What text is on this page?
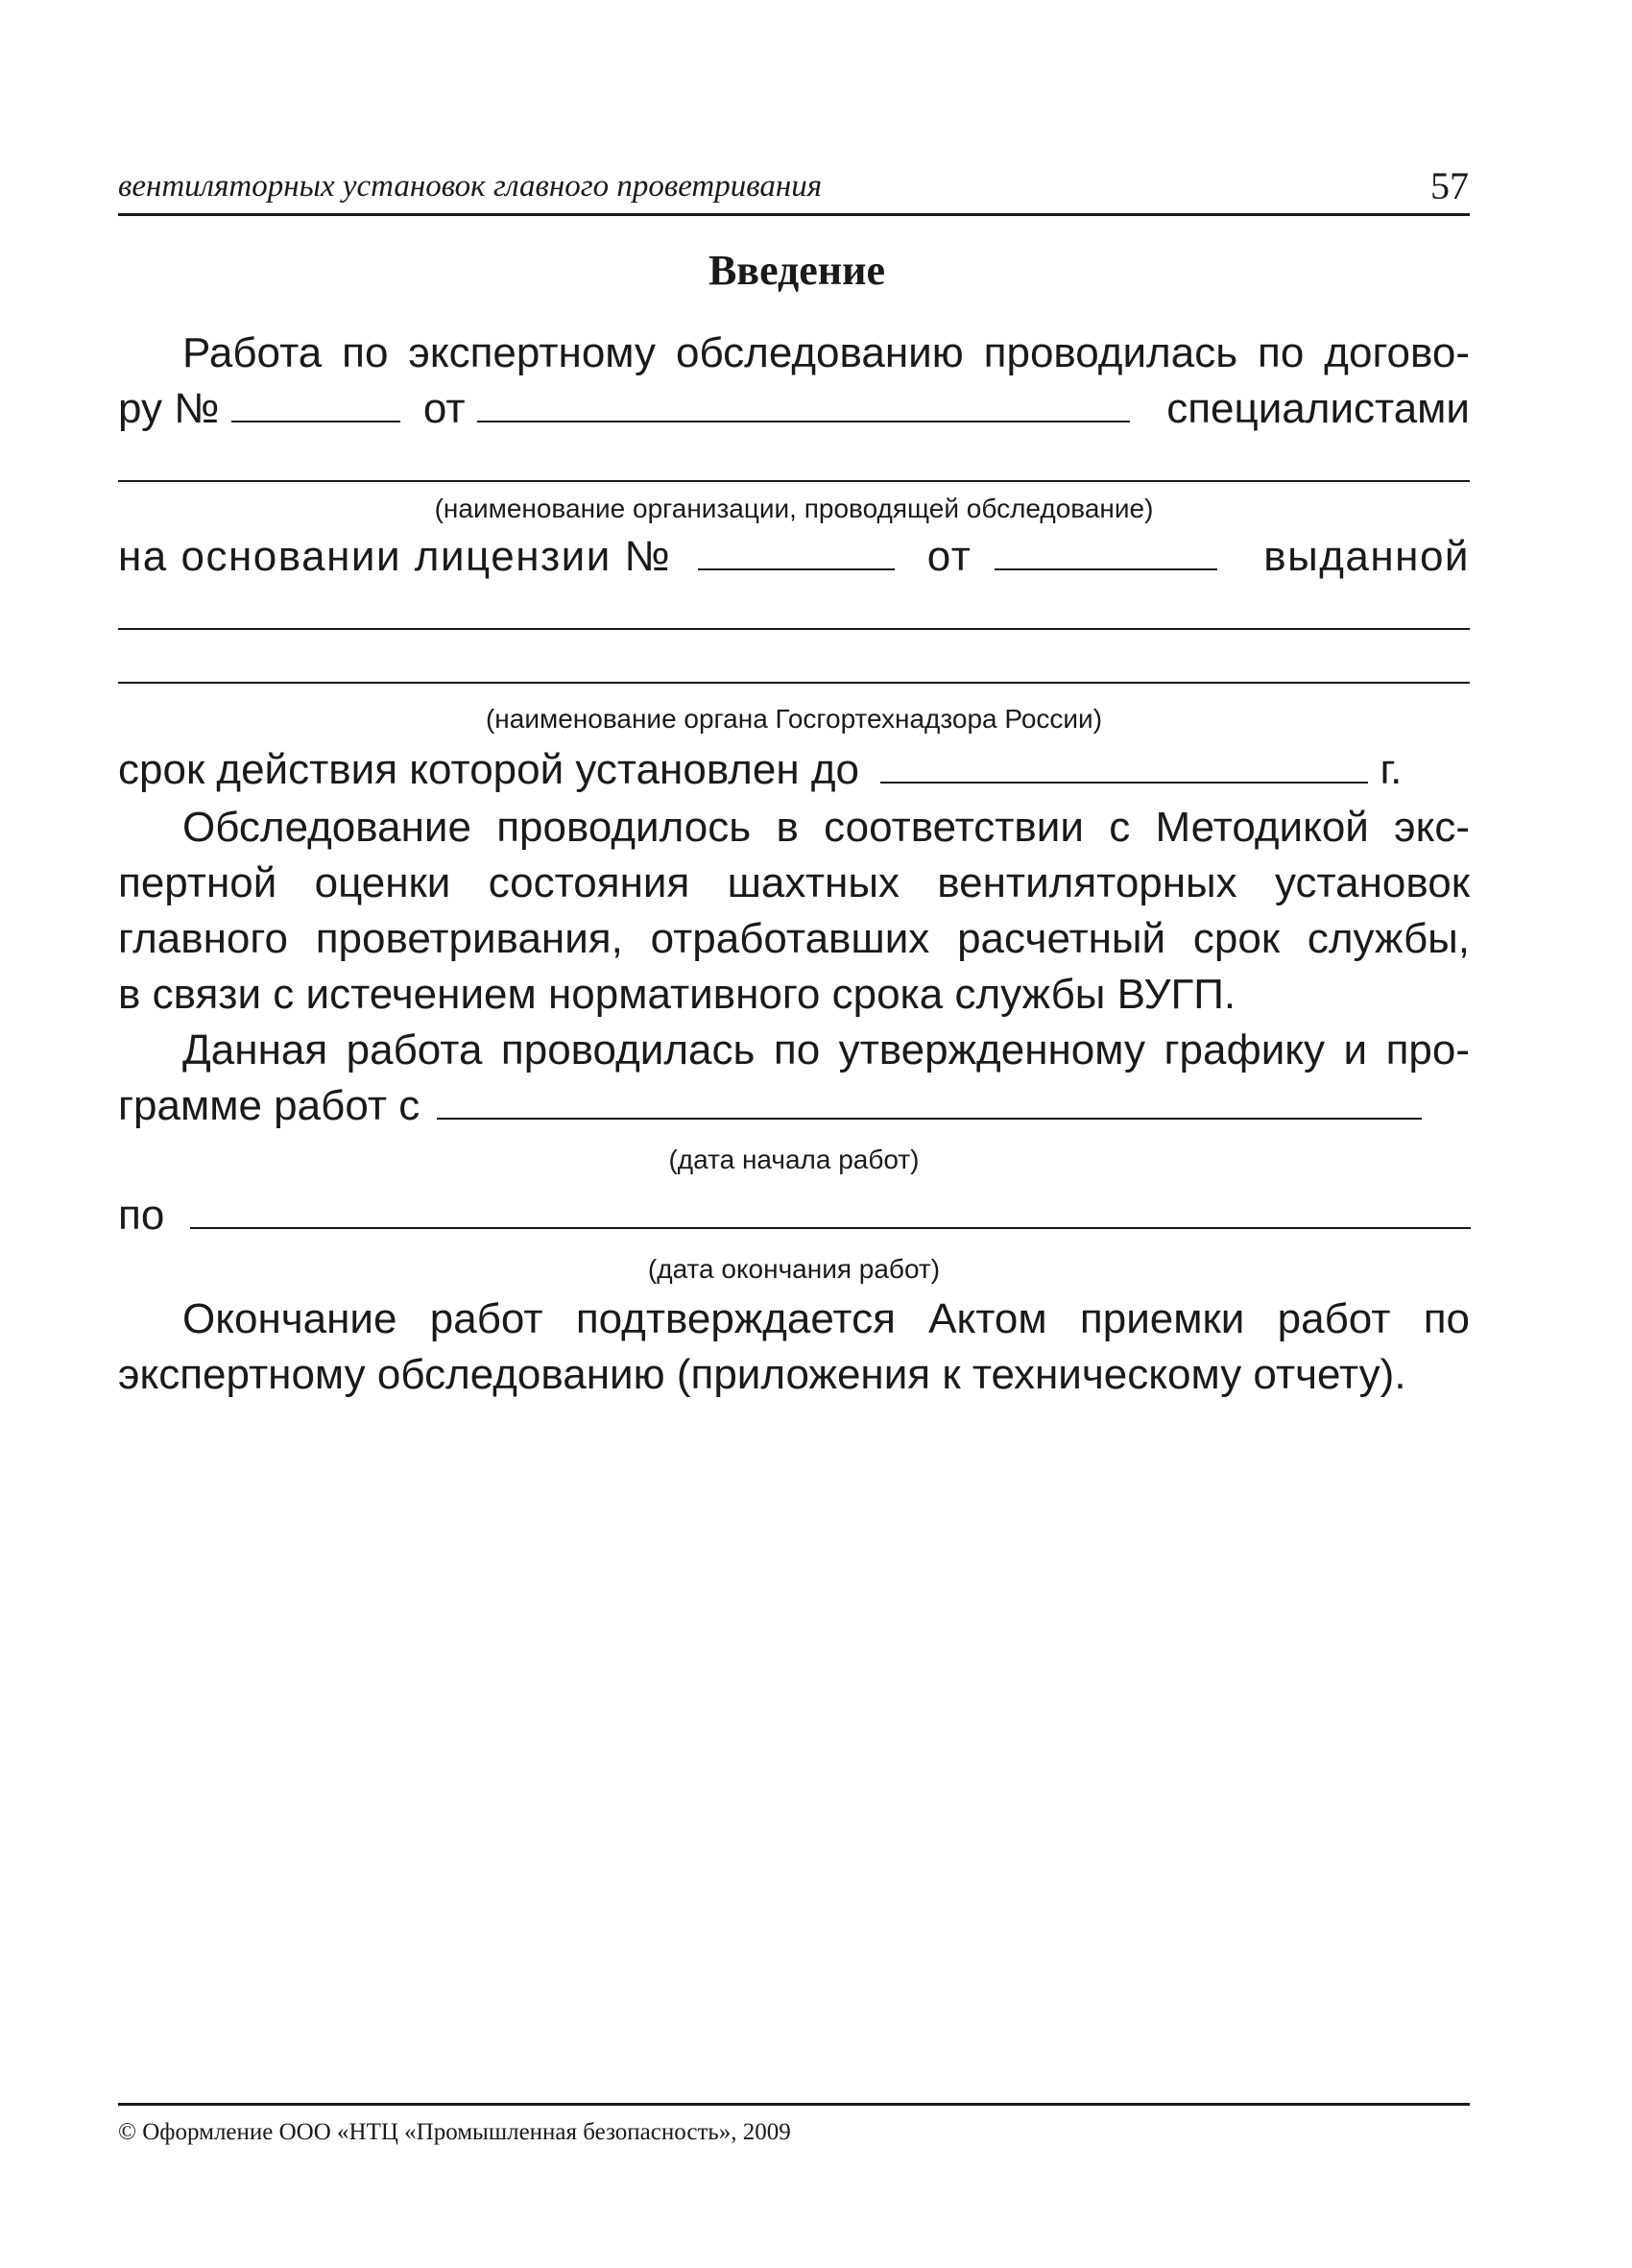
вентиляторных установок главного проветривания	57
Введение
Работа по экспертному обследованию проводилась по догово-
ру №	от	специалистами
(наименование организации, проводящей обследование)
на основании лицензии №	от	выданной
(наименование органа Госгортехнадзора России)
срок действия которой установлен до	г.
Обследование проводилось в соответствии с Методикой экс-
пертной оценки состояния шахтных вентиляторных установок
главного проветривания, отработавших расчетный срок службы,
в связи с истечением нормативного срока службы ВУГП.
Данная работа проводилась по утвержденному графику и про-
грамме работ с
(дата начала работ)
по
(дата окончания работ)
Окончание работ подтверждается Актом приемки работ по
экспертному обследованию (приложения к техническому отчету).
© Оформление ООО «НТЦ «Промышленная безопасность», 2009
